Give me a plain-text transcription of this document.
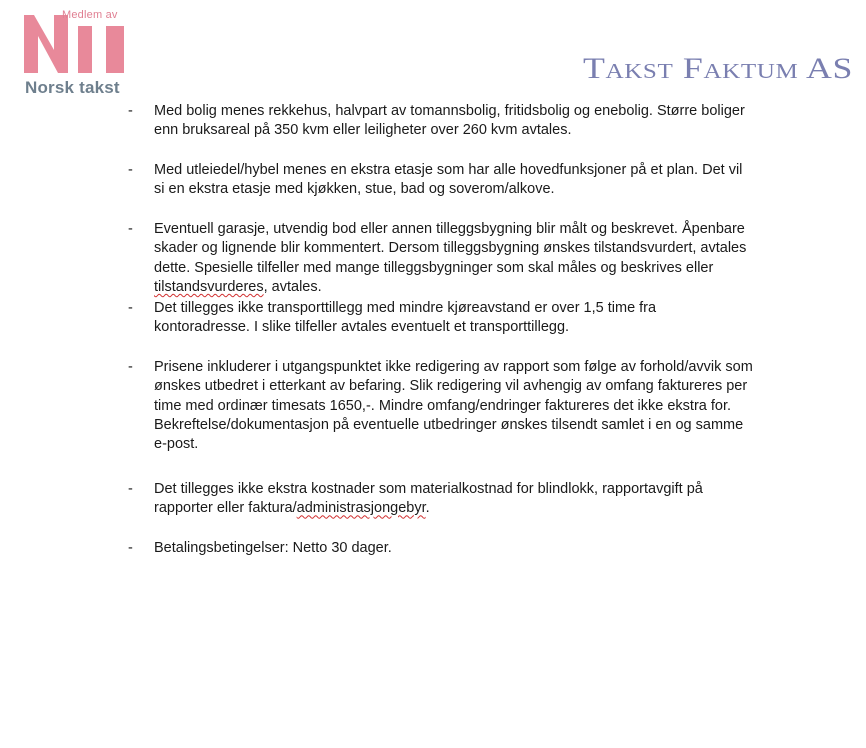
Medlem av
Norsk takst
Takst Faktum AS
- Med bolig menes rekkehus, halvpart av tomannsbolig, fritidsbolig og enebolig. Større boliger

enn bruksareal på 350 kvm eller leiligheter over 260 kvm avtales.

- Med utleiedel/hybel menes en ekstra etasje som har alle hovedfunksjoner på et plan. Det vil

si en ekstra etasje med kjøkken, stue, bad og soverom/alkove.

- Eventuell garasje, utvendig bod eller annen tilleggsbygning blir målt og beskrevet. Åpenbare

skader og lignende blir kommentert. Dersom tilleggsbygning ønskes tilstandsvurdert, avtales

dette. Spesielle tilfeller med mange tilleggsbygninger som skal måles og beskrives eller

tilstandsvurderes, avtales.

- Det tillegges ikke transporttillegg med mindre kjøreavstand er over 1,5 time fra

kontoradresse. I slike tilfeller avtales eventuelt et transporttillegg.

- Prisene inkluderer i utgangspunktet ikke redigering av rapport som følge av forhold/avvik som

ønskes utbedret i etterkant av befaring. Slik redigering vil avhengig av omfang faktureres per

time med ordinær timesats 1650,-. Mindre omfang/endringer faktureres det ikke ekstra for.

Bekreftelse/dokumentasjon på eventuelle utbedringer ønskes tilsendt samlet i en og samme

e-post.

- Det tillegges ikke ekstra kostnader som materialkostnad for blindlokk, rapportavgift på

rapporter eller faktura/administrasjongebyr.

- Betalingsbetingelser: Netto 30 dager.
